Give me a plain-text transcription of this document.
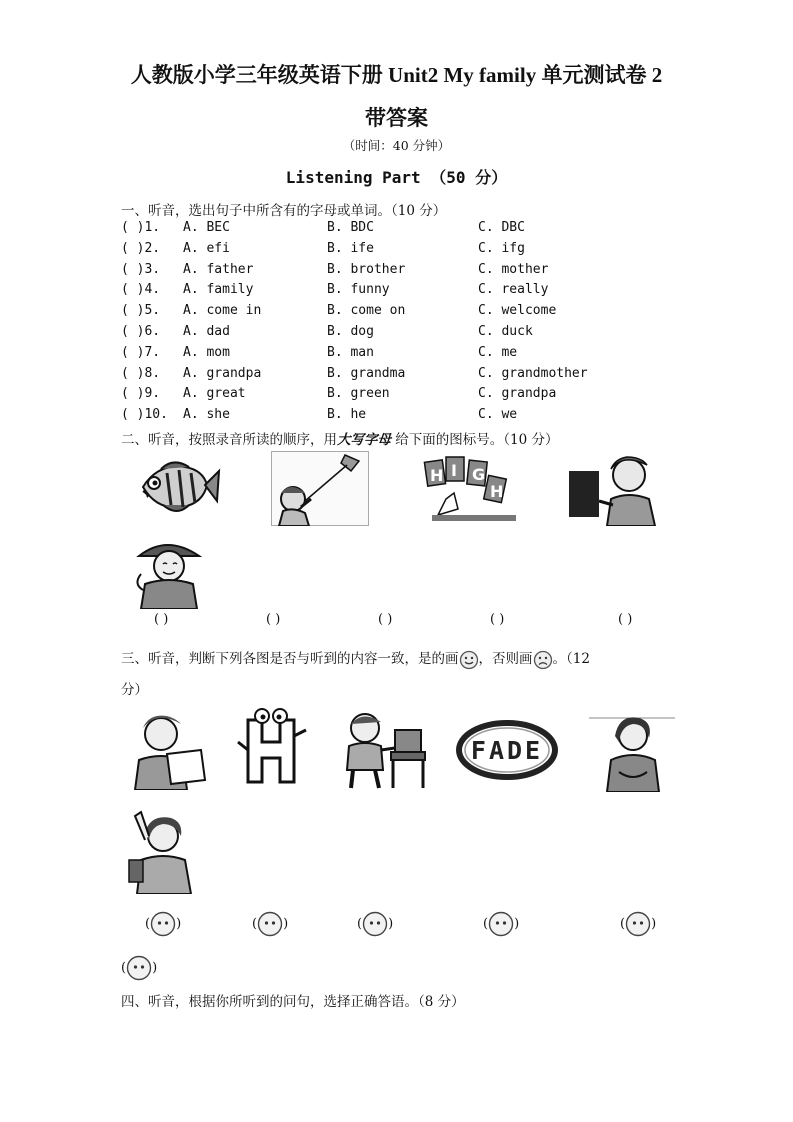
人教版小学三年级英语下册 Unit2 My family 单元测试卷 2
带答案
（时间：40 分钟）
Listening Part （50 分）
一、听音，选出句子中所含有的字母或单词。（10 分）
( )1. A. BEC	B. BDC	C. DBC
( )2. A. efi	B. ife	C. ifg
( )3. A. father	B. brother	C. mother
( )4. A. family	B. funny	C. really
( )5. A. come in	B. come on	C. welcome
( )6. A. dad	B. dog	C. duck
( )7. A. mom	B. man	C. me
( )8. A. grandpa	B. grandma	C. grandmother
( )9. A. great	B. green	C. grandpa
( )10. A. she	B. he	C. we
二、听音，按照录音所读的顺序，用大写字母 给下面的图标号。（10 分）
H I G
H
( )	( )	( )	( )	( )
三、听音，判断下列各图是否与听到的内容一致，是的画 ，否则画 。（12
分）
FADE
( )	( )	( )	( )	( )
( )
四、听音，根据你所听到的问句，选择正确答语。（8 分）
